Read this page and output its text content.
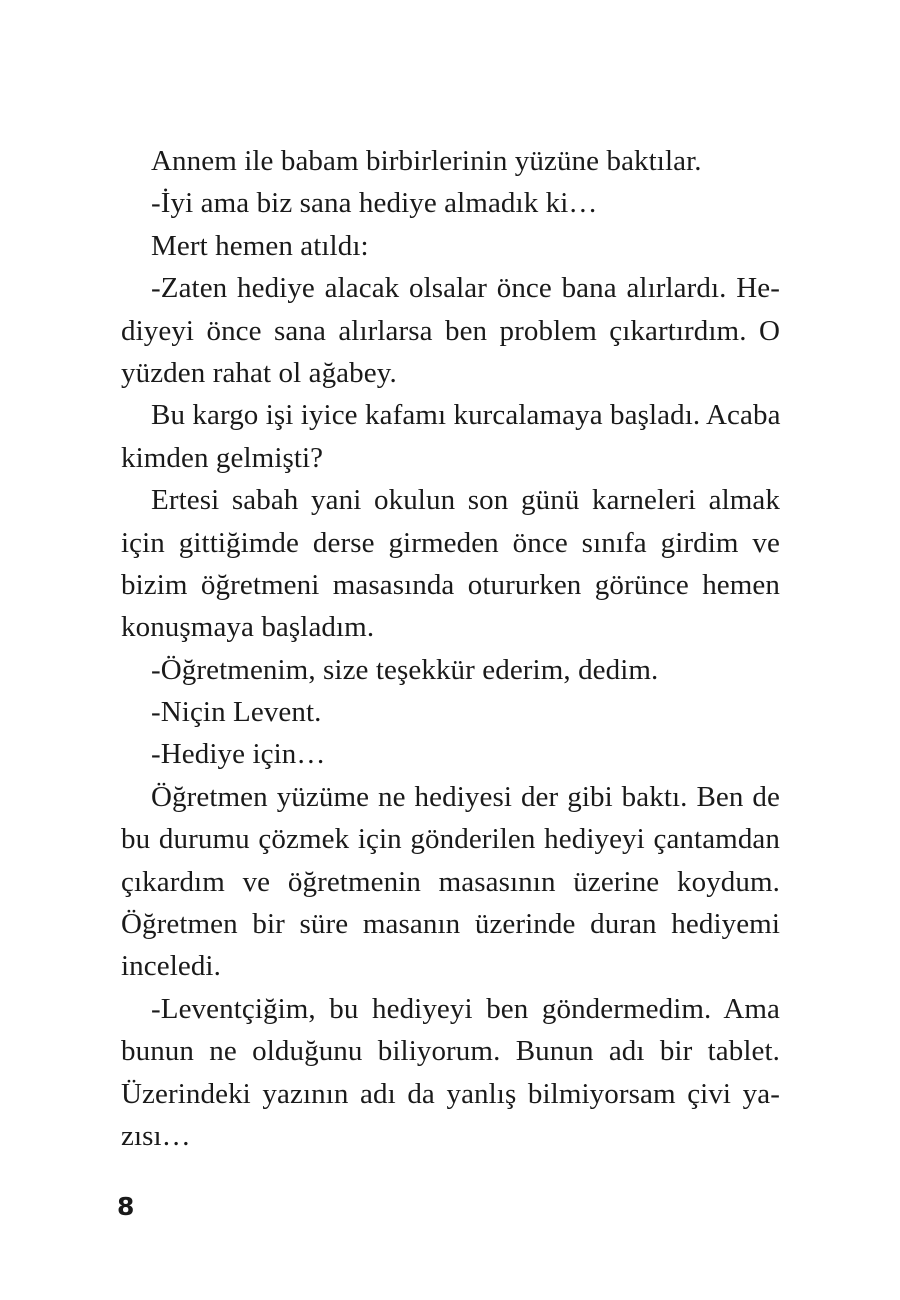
Annem ile babam birbirlerinin yüzüne baktılar.
-İyi ama biz sana hediye almadık ki…
Mert hemen atıldı:
-Zaten hediye alacak olsalar önce bana alırlardı. He-
diyeyi önce sana alırlarsa ben problem çıkartırdım. O
yüzden rahat ol ağabey.
Bu kargo işi iyice kafamı kurcalamaya başladı. Acaba
kimden gelmişti?
Ertesi sabah yani okulun son günü karneleri almak
için gittiğimde derse girmeden önce sınıfa girdim ve
bizim öğretmeni masasında otururken görünce hemen
konuşmaya başladım.
-Öğretmenim, size teşekkür ederim, dedim.
-Niçin Levent.
-Hediye için…
Öğretmen yüzüme ne hediyesi der gibi baktı. Ben de
bu durumu çözmek için gönderilen hediyeyi çantamdan
çıkardım ve öğretmenin masasının üzerine koydum.
Öğretmen bir süre masanın üzerinde duran hediyemi
inceledi.
-Leventçiğim, bu hediyeyi ben göndermedim. Ama
bunun ne olduğunu biliyorum. Bunun adı bir tablet.
Üzerindeki yazının adı da yanlış bilmiyorsam çivi ya-
zısı…
8
